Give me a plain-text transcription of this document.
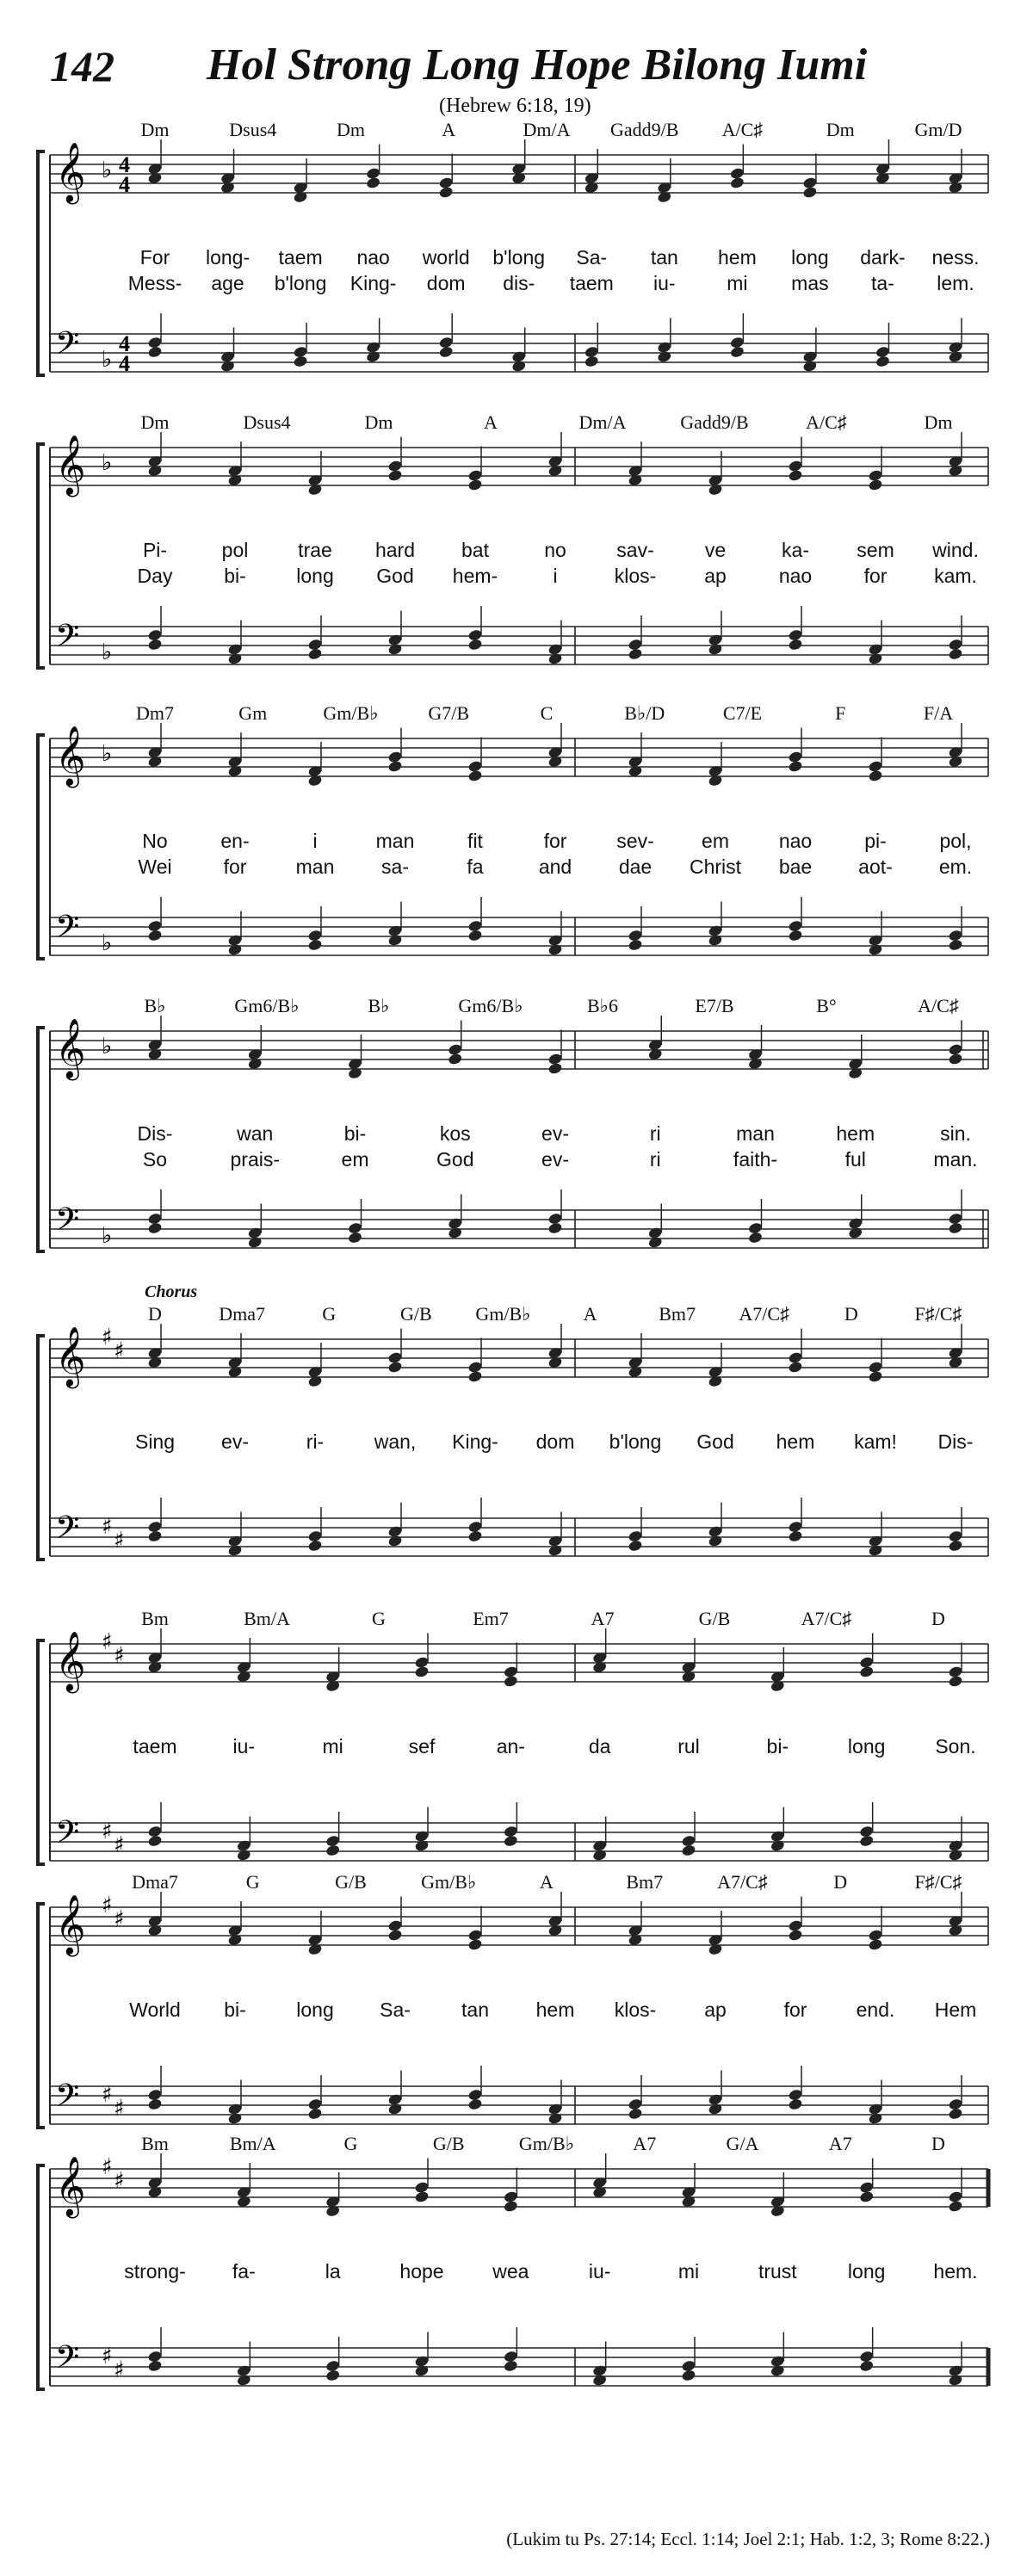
142 Hol Strong Long Hope Bilong Iumi
(Hebrew 6:18, 19)
𝄞
𝄢
♭
♭
4
4
4
4
Dm	Dsus4	Dm	A	Dm/A Gadd9/B A/C♯	Dm	Gm/D
For long- taem nao world b'long Sa- tan hem long dark- ness.
Mess- age b'long King- dom dis- taem iu-	mi mas ta- lem.
𝄞
𝄢
♭
♭
Dm	Dsus4	Dm	A	Dm/A	Gadd9/B	A/C♯	Dm
Pi-	pol	trae hard bat	no	sav-	ve	ka- sem wind.
Day	bi-	long God hem-	i	klos- ap	nao	for kam.
𝄞
𝄢
♭
♭
Dm7	Gm	Gm/B♭	G7/B	C	B♭/D	C7/E	F	F/A
No	en-	i	man	fit	for	sev- em	nao	pi-	pol,
Wei	for man sa-	fa	and dae Christ bae aot- em.
𝄞
𝄢
♭
♭
B♭	Gm6/B♭	B♭	Gm6/B♭	B♭6	E7/B	B°	A/C♯
Dis-	wan	bi-	kos	ev-	ri	man	hem	sin.
So	prais-	em	God	ev-	ri	faith-	ful	man.
𝄞
𝄢
♯
♯
♯
♯
Chorus
D	Dma7	G	G/B Gm/B♭	A	Bm7 A7/C♯	D	F♯/C♯
Sing ev-	ri-	wan, King- dom b'long God hem kam! Dis-
𝄞
𝄢
♯
♯
♯
♯
Bm	Bm/A	G	Em7	A7	G/B	A7/C♯	D
taem	iu-	mi	sef	an-	da	rul	bi-	long	Son.
𝄞
𝄢
♯
♯
♯
♯
Dma7	G	G/B	Gm/B♭	A	Bm7	A7/C♯	D	F♯/C♯
World bi-	long Sa-	tan hem klos- ap	for end. Hem
𝄞
𝄢
♯
♯
♯
♯
Bm	Bm/A	G	G/B	Gm/B♭	A7	G/A	A7	D
strong- fa-	la	hope wea	iu-	mi	trust	long hem.
(Lukim tu Ps. 27:14; Eccl. 1:14; Joel 2:1; Hab. 1:2, 3; Rome 8:22.)
